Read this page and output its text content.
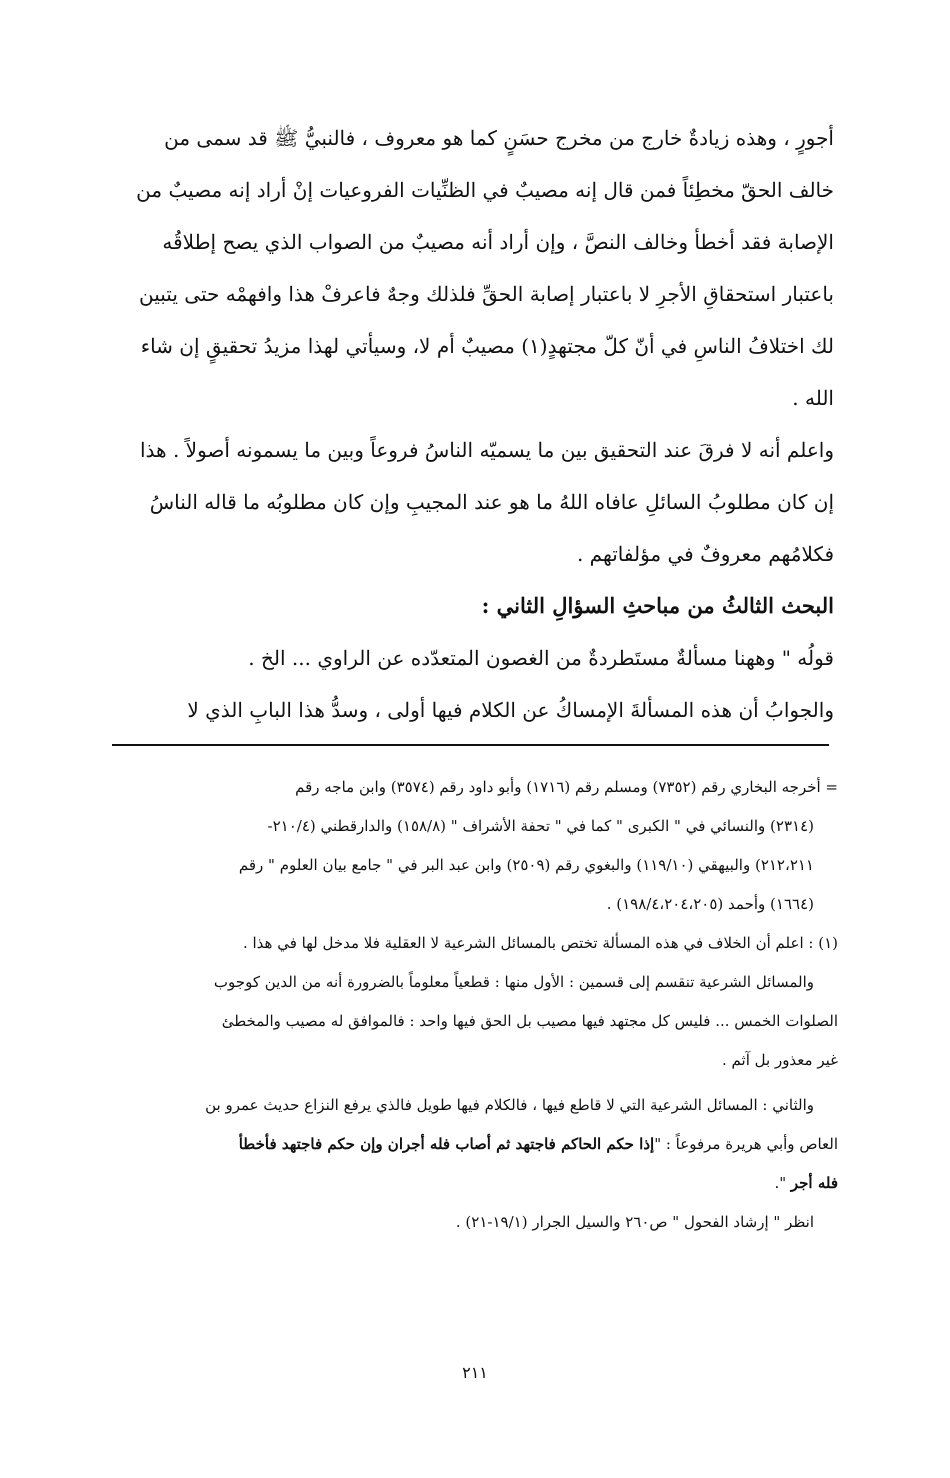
أجورٍ ، وهذه زيادةٌ خارج من مخرج حسَنٍ كما هو معروف ، فالنبيُّ ﷺ قد سمى من

خالف الحقّ مخطِئاً فمن قال إنه مصيبٌ في الظنِّيات الفروعيات إنْ أراد إنه مصيبٌ من

الإصابة فقد أخطأ وخالف النصَّ ، وإن أراد أنه مصيبٌ من الصواب الذي يصح إطلاقُه

باعتبار استحقاقِ الأجرِ لا باعتبار إصابة الحقِّ فلذلك وجهٌ فاعرفْ هذا وافهمْه حتى يتبين

لك اختلافُ الناسِ في أنّ كلّ مجتهدٍ(١) مصيبٌ أم لا، وسيأتي لهذا مزيدُ تحقيقٍ إن شاء

الله .

واعلم أنه لا فرقَ عند التحقيق بين ما يسميّه الناسُ فروعاً وبين ما يسمونه أصولاً . هذا

إن كان مطلوبُ السائلِ عافاه اللهُ ما هو عند المجيبِ وإن كان مطلوبُه ما قاله الناسُ

فكلامُهم معروفٌ في مؤلفاتهم .

البحث الثالثُ من مباحثِ السؤالِ الثاني :

قولُه " وههنا مسألةٌ مستَطردةٌ من الغصون المتعدّده عن الراوي ... الخ .

والجوابُ أن هذه المسألةَ الإمساكُ عن الكلام فيها أولى ، وسدُّ هذا البابِ الذي لا

= أخرجه البخاري رقم (٧٣٥٢) ومسلم رقم (١٧١٦) وأبو داود رقم (٣٥٧٤) وابن ماجه رقم

(٢٣١٤) والنسائي في " الكبرى " كما في " تحفة الأشراف " (١٥٨/٨) والدارقطني (٢١٠/٤-

٢١٢،٢١١) والبيهقي (١١٩/١٠) والبغوي رقم (٢٥٠٩) وابن عبد البر في " جامع بيان العلوم " رقم

(١٦٦٤) وأحمد (١٩٨/٤،٢٠٤،٢٠٥) .

(١) : اعلم أن الخلاف في هذه المسألة تختص بالمسائل الشرعية لا العقلية فلا مدخل لها في هذا .

والمسائل الشرعية تنقسم إلى قسمين : الأول منها : قطعياً معلوماً بالضرورة أنه من الدين كوجوب

الصلوات الخمس ... فليس كل مجتهد فيها مصيب بل الحق فيها واحد : فالموافق له مصيب والمخطئ

غير معذور بل آثم .

والثاني : المسائل الشرعية التي لا قاطع فيها ، فالكلام فيها طويل فالذي يرفع النزاع حديث عمرو بن

العاص وأبي هريرة مرفوعاً : "إذا حكم الحاكم فاجتهد ثم أصاب فله أجران وإن حكم فاجتهد فأخطأ

فله أجر ".

انظر " إرشاد الفحول " ص٢٦٠ والسيل الجرار (١٩/١-٢١) .

٢١١
